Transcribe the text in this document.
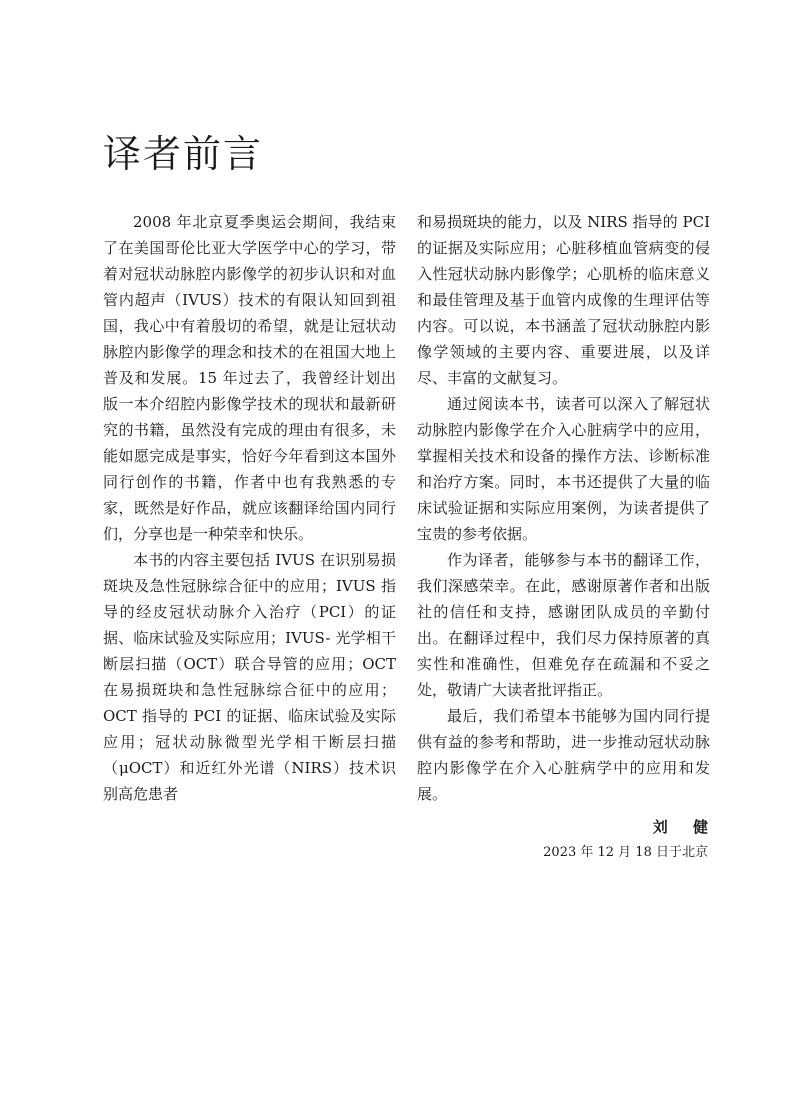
译者前言

2008 年北京夏季奥运会期间，我结束了在美国哥伦比亚大学医学中心的学习，带着对冠状动脉腔内影像学的初步认识和对血管内超声（IVUS）技术的有限认知回到祖国，我心中有着殷切的希望，就是让冠状动脉腔内影像学的理念和技术的在祖国大地上普及和发展。15 年过去了，我曾经计划出版一本介绍腔内影像学技术的现状和最新研究的书籍，虽然没有完成的理由有很多，未能如愿完成是事实，恰好今年看到这本国外同行创作的书籍，作者中也有我熟悉的专家，既然是好作品，就应该翻译给国内同行们，分享也是一种荣幸和快乐。

本书的内容主要包括 IVUS 在识别易损斑块及急性冠脉综合征中的应用；IVUS 指导的经皮冠状动脉介入治疗（PCI）的证据、临床试验及实际应用；IVUS- 光学相干断层扫描（OCT）联合导管的应用；OCT 在易损斑块和急性冠脉综合征中的应用；OCT 指导的 PCI 的证据、临床试验及实际应用；冠状动脉微型光学相干断层扫描（μOCT）和近红外光谱（NIRS）技术识别高危患者

和易损斑块的能力，以及 NIRS 指导的 PCI 的证据及实际应用；心脏移植血管病变的侵入性冠状动脉内影像学；心肌桥的临床意义和最佳管理及基于血管内成像的生理评估等内容。可以说，本书涵盖了冠状动脉腔内影像学领域的主要内容、重要进展，以及详尽、丰富的文献复习。

通过阅读本书，读者可以深入了解冠状动脉腔内影像学在介入心脏病学中的应用，掌握相关技术和设备的操作方法、诊断标准和治疗方案。同时，本书还提供了大量的临床试验证据和实际应用案例，为读者提供了宝贵的参考依据。

作为译者，能够参与本书的翻译工作，我们深感荣幸。在此，感谢原著作者和出版社的信任和支持，感谢团队成员的辛勤付出。在翻译过程中，我们尽力保持原著的真实性和准确性，但难免存在疏漏和不妥之处，敬请广大读者批评指正。

最后，我们希望本书能够为国内同行提供有益的参考和帮助，进一步推动冠状动脉腔内影像学在介入心脏病学中的应用和发展。

刘 健
2023 年 12 月 18 日于北京
